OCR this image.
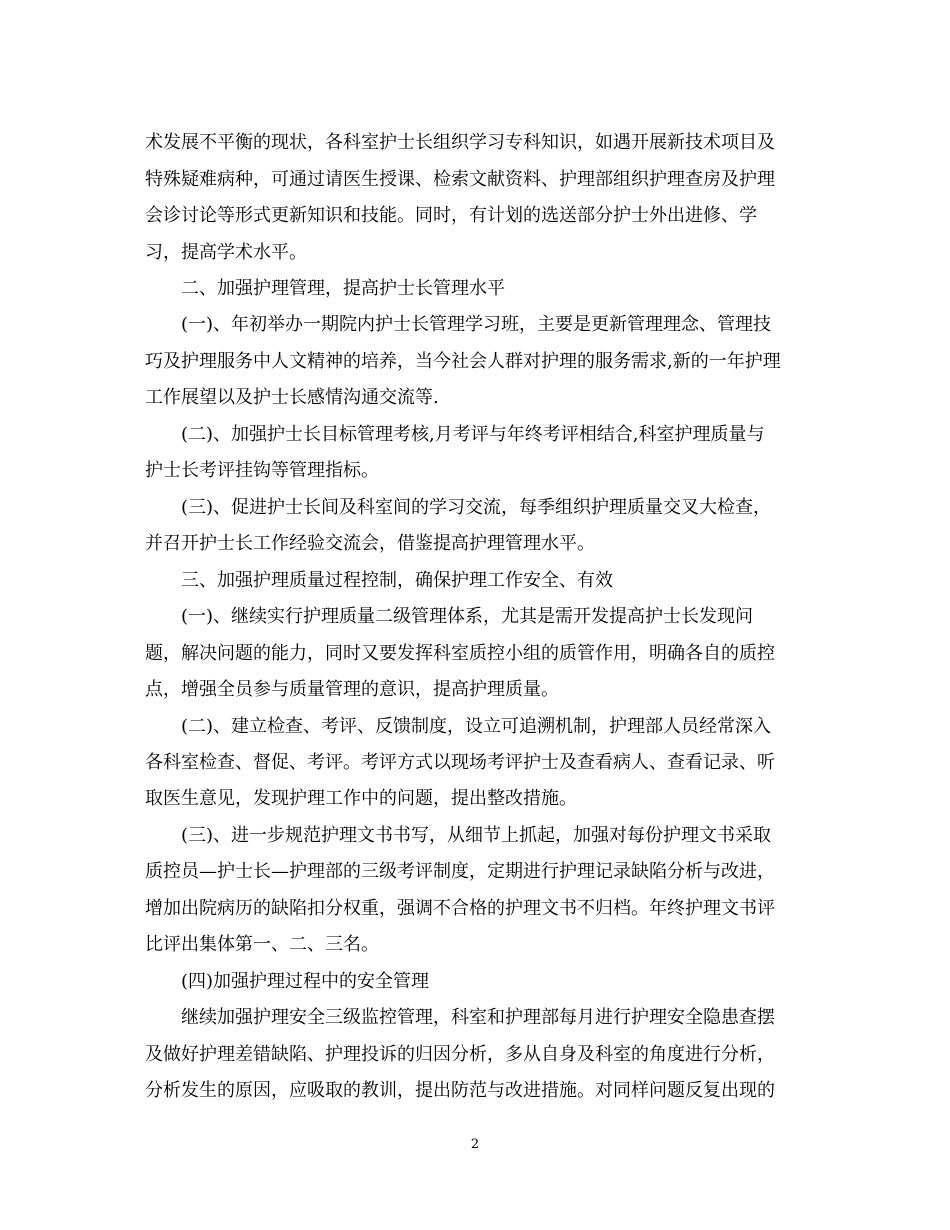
术发展不平衡的现状，各科室护士长组织学习专科知识，如遇开展新技术项目及
特殊疑难病种，可通过请医生授课、检索文献资料、护理部组织护理查房及护理
会诊讨论等形式更新知识和技能。同时，有计划的选送部分护士外出进修、学
习，提高学术水平。
二、加强护理管理，提高护士长管理水平
(一)、年初举办一期院内护士长管理学习班，主要是更新管理理念、管理技
巧及护理服务中人文精神的培养，当今社会人群对护理的服务需求,新的一年护理
工作展望以及护士长感情沟通交流等.
(二)、加强护士长目标管理考核,月考评与年终考评相结合,科室护理质量与
护士长考评挂钩等管理指标。
(三)、促进护士长间及科室间的学习交流，每季组织护理质量交叉大检查，
并召开护士长工作经验交流会，借鉴提高护理管理水平。
三、加强护理质量过程控制，确保护理工作安全、有效
(一)、继续实行护理质量二级管理体系，尤其是需开发提高护士长发现问
题，解决问题的能力，同时又要发挥科室质控小组的质管作用，明确各自的质控
点，增强全员参与质量管理的意识，提高护理质量。
(二)、建立检查、考评、反馈制度，设立可追溯机制，护理部人员经常深入
各科室检查、督促、考评。考评方式以现场考评护士及查看病人、查看记录、听
取医生意见，发现护理工作中的问题，提出整改措施。
(三)、进一步规范护理文书书写，从细节上抓起，加强对每份护理文书采取
质控员—护士长—护理部的三级考评制度，定期进行护理记录缺陷分析与改进，
增加出院病历的缺陷扣分权重，强调不合格的护理文书不归档。年终护理文书评
比评出集体第一、二、三名。
(四)加强护理过程中的安全管理
继续加强护理安全三级监控管理，科室和护理部每月进行护理安全隐患查摆
及做好护理差错缺陷、护理投诉的归因分析，多从自身及科室的角度进行分析，
分析发生的原因，应吸取的教训，提出防范与改进措施。对同样问题反复出现的
2
